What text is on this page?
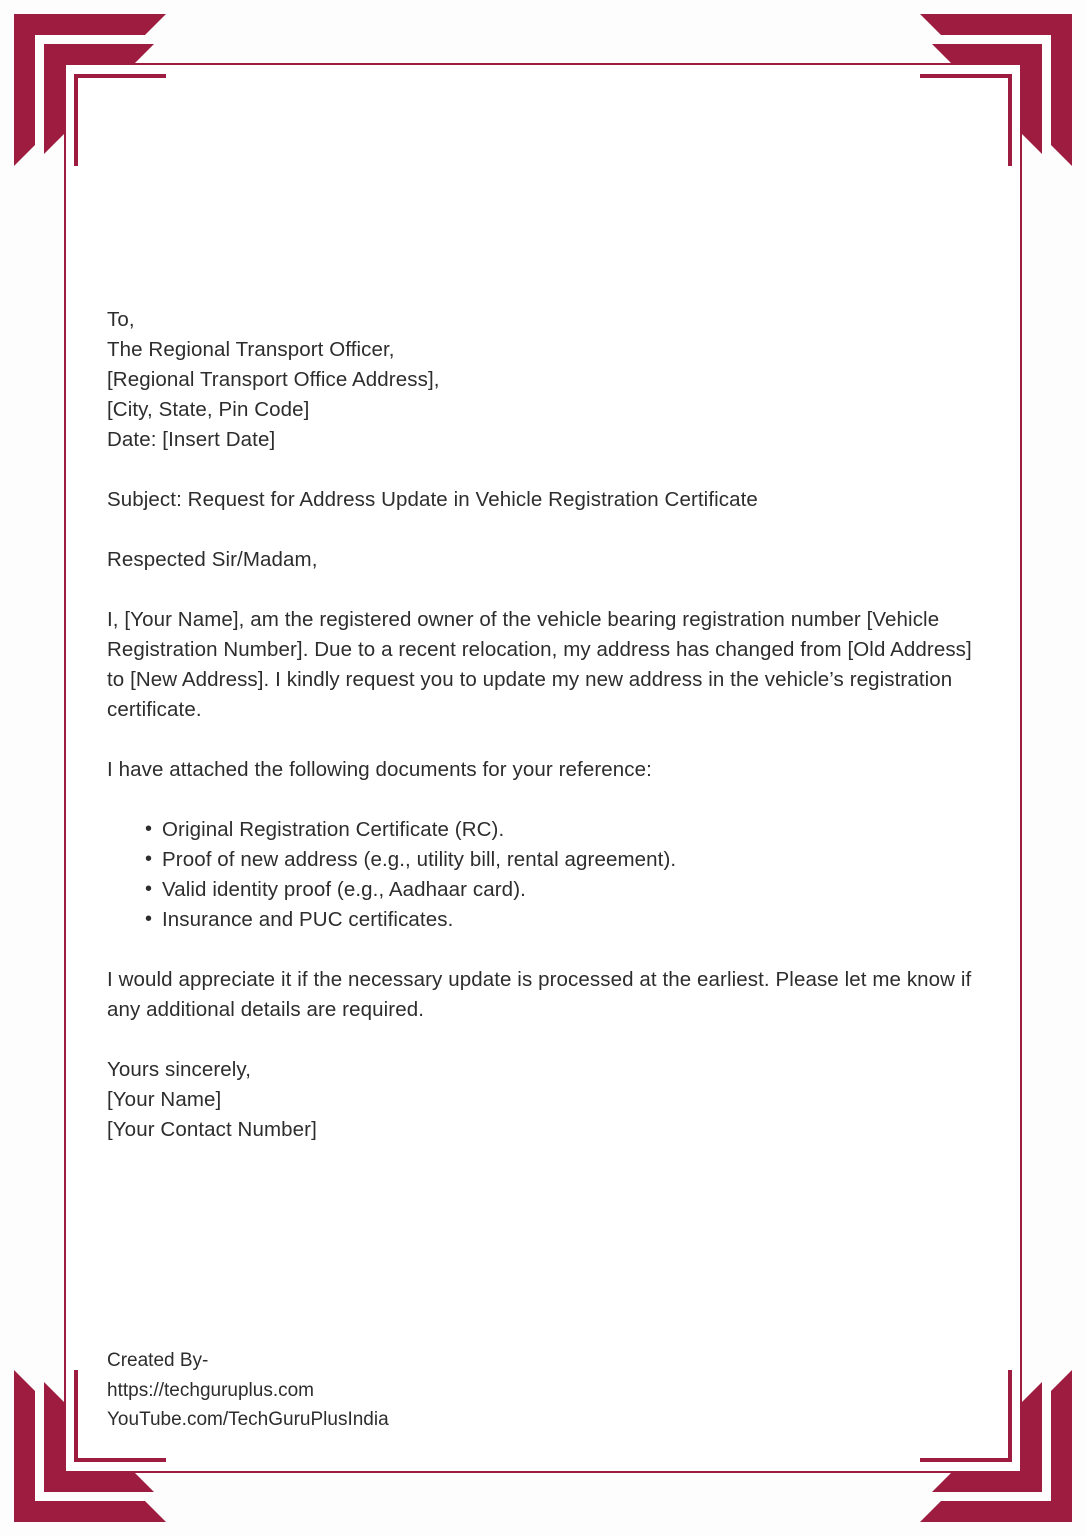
To,
The Regional Transport Officer,
[Regional Transport Office Address],
[City, State, Pin Code]
Date: [Insert Date]

Subject: Request for Address Update in Vehicle Registration Certificate

Respected Sir/Madam,

I, [Your Name], am the registered owner of the vehicle bearing registration number [Vehicle Registration Number]. Due to a recent relocation, my address has changed from [Old Address] to [New Address]. I kindly request you to update my new address in the vehicle’s registration certificate.

I have attached the following documents for your reference:

• Original Registration Certificate (RC).
• Proof of new address (e.g., utility bill, rental agreement).
• Valid identity proof (e.g., Aadhaar card).
• Insurance and PUC certificates.

I would appreciate it if the necessary update is processed at the earliest. Please let me know if any additional details are required.

Yours sincerely,
[Your Name]
[Your Contact Number]
Created By-
https://techguruplus.com
YouTube.com/TechGuruPlusIndia
